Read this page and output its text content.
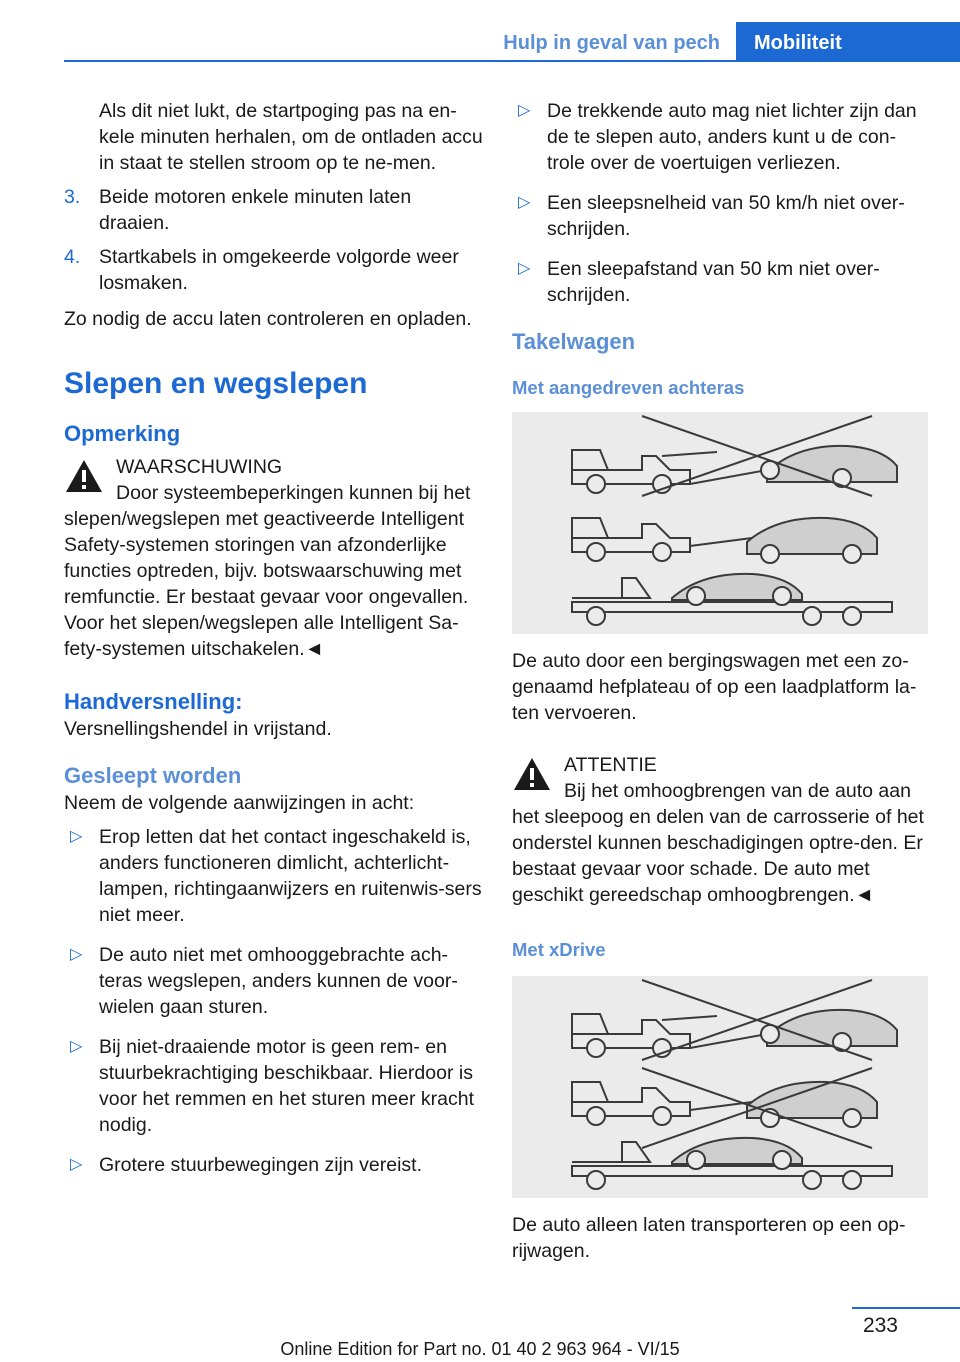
Hulp in geval van pech	Mobiliteit

Als dit niet lukt, de startpoging pas na en-kele minuten herhalen, om de ontladen accu in staat te stellen stroom op te ne-men.

3. Beide motoren enkele minuten laten draaien.
4. Startkabels in omgekeerde volgorde weer losmaken.

Zo nodig de accu laten controleren en opladen.

Slepen en wegslepen
Opmerking

WAARSCHUWING

Door systeembeperkingen kunnen bij het slepen/wegslepen met geactiveerde Intelligent Safety-systemen storingen van afzonderlijke functies optreden, bijv. botswaarschuwing met remfunctie. Er bestaat gevaar voor ongevallen. Voor het slepen/wegslepen alle Intelligent Sa-fety-systemen uitschakelen.◄

Handversnelling:

Versnellingshendel in vrijstand.

Gesleept worden

Neem de volgende aanwijzingen in acht:

▷ Erop letten dat het contact ingeschakeld is, anders functioneren dimlicht, achterlicht-lampen, richtingaanwijzers en ruitenwis-sers niet meer.
▷ De auto niet met omhooggebrachte ach-teras wegslepen, anders kunnen de voor-wielen gaan sturen.
▷ Bij niet-draaiende motor is geen rem- en stuurbekrachtiging beschikbaar. Hierdoor is voor het remmen en het sturen meer kracht nodig.
▷ Grotere stuurbewegingen zijn vereist.
▷ De trekkende auto mag niet lichter zijn dan de te slepen auto, anders kunt u de con-trole over de voertuigen verliezen.
▷ Een sleepsnelheid van 50 km/h niet over-schrijden.
▷ Een sleepafstand van 50 km niet over-schrijden.
Takelwagen
Met aangedreven achteras

De auto door een bergingswagen met een zo-genaamd hefplateau of op een laadplatform la-ten vervoeren.

ATTENTIE

Bij het omhoogbrengen van de auto aan het sleepoog en delen van de carrosserie of het onderstel kunnen beschadigingen optre-den. Er bestaat gevaar voor schade. De auto met geschikt gereedschap omhoogbrengen.◄

Met xDrive

De auto alleen laten transporteren op een op-rijwagen.

233
Online Edition for Part no. 01 40 2 963 964 - VI/15
